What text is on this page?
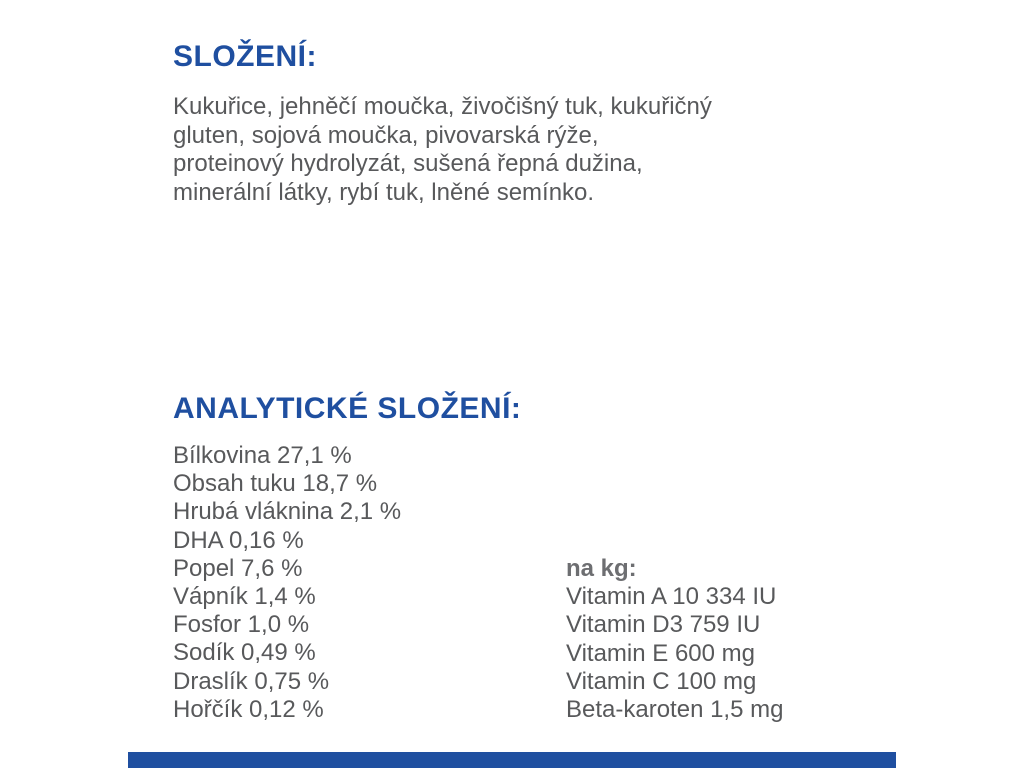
SLOŽENÍ:
Kukuřice, jehněčí moučka, živočišný tuk, kukuřičný
gluten, sojová moučka, pivovarská rýže,
proteinový hydrolyzát, sušená řepná dužina,
minerální látky, rybí tuk, lněné semínko.
ANALYTICKÉ SLOŽENÍ:
Bílkovina 27,1 %
Obsah tuku 18,7 %
Hrubá vláknina 2,1 %
DHA 0,16 %
Popel 7,6 %
Vápník 1,4 %
Fosfor 1,0 %
Sodík 0,49 %
Draslík 0,75 %
Hořčík 0,12 %
na kg:
Vitamin A 10 334 IU
Vitamin D3 759 IU
Vitamin E 600 mg
Vitamin C 100 mg
Beta-karoten 1,5 mg
